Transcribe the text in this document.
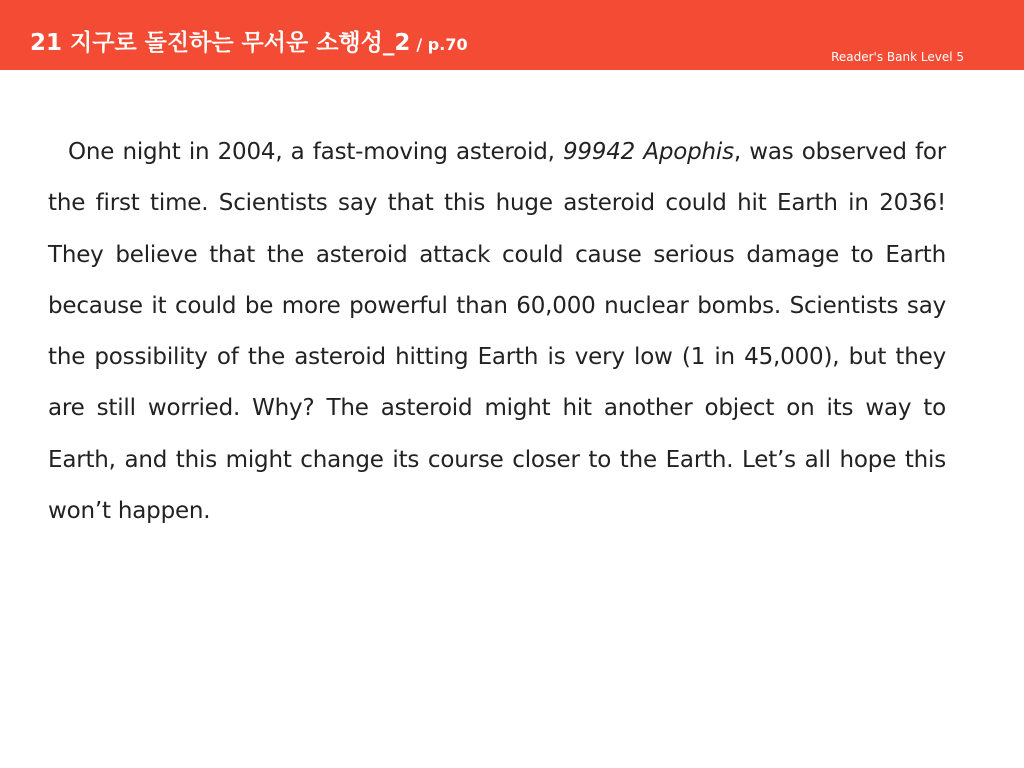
21 지구로 돌진하는 무서운 소행성_2 / p.70
Reader's Bank Level 5

One night in 2004, a fast-moving asteroid, 99942 Apophis, was observed for the first time. Scientists say that this huge asteroid could hit Earth in 2036! They believe that the asteroid attack could cause serious damage to Earth because it could be more powerful than 60,000 nuclear bombs. Scientists say the possibility of the asteroid hitting Earth is very low (1 in 45,000), but they are still worried. Why? The asteroid might hit another object on its way to Earth, and this might change its course closer to the Earth. Let’s all hope this won’t happen.
